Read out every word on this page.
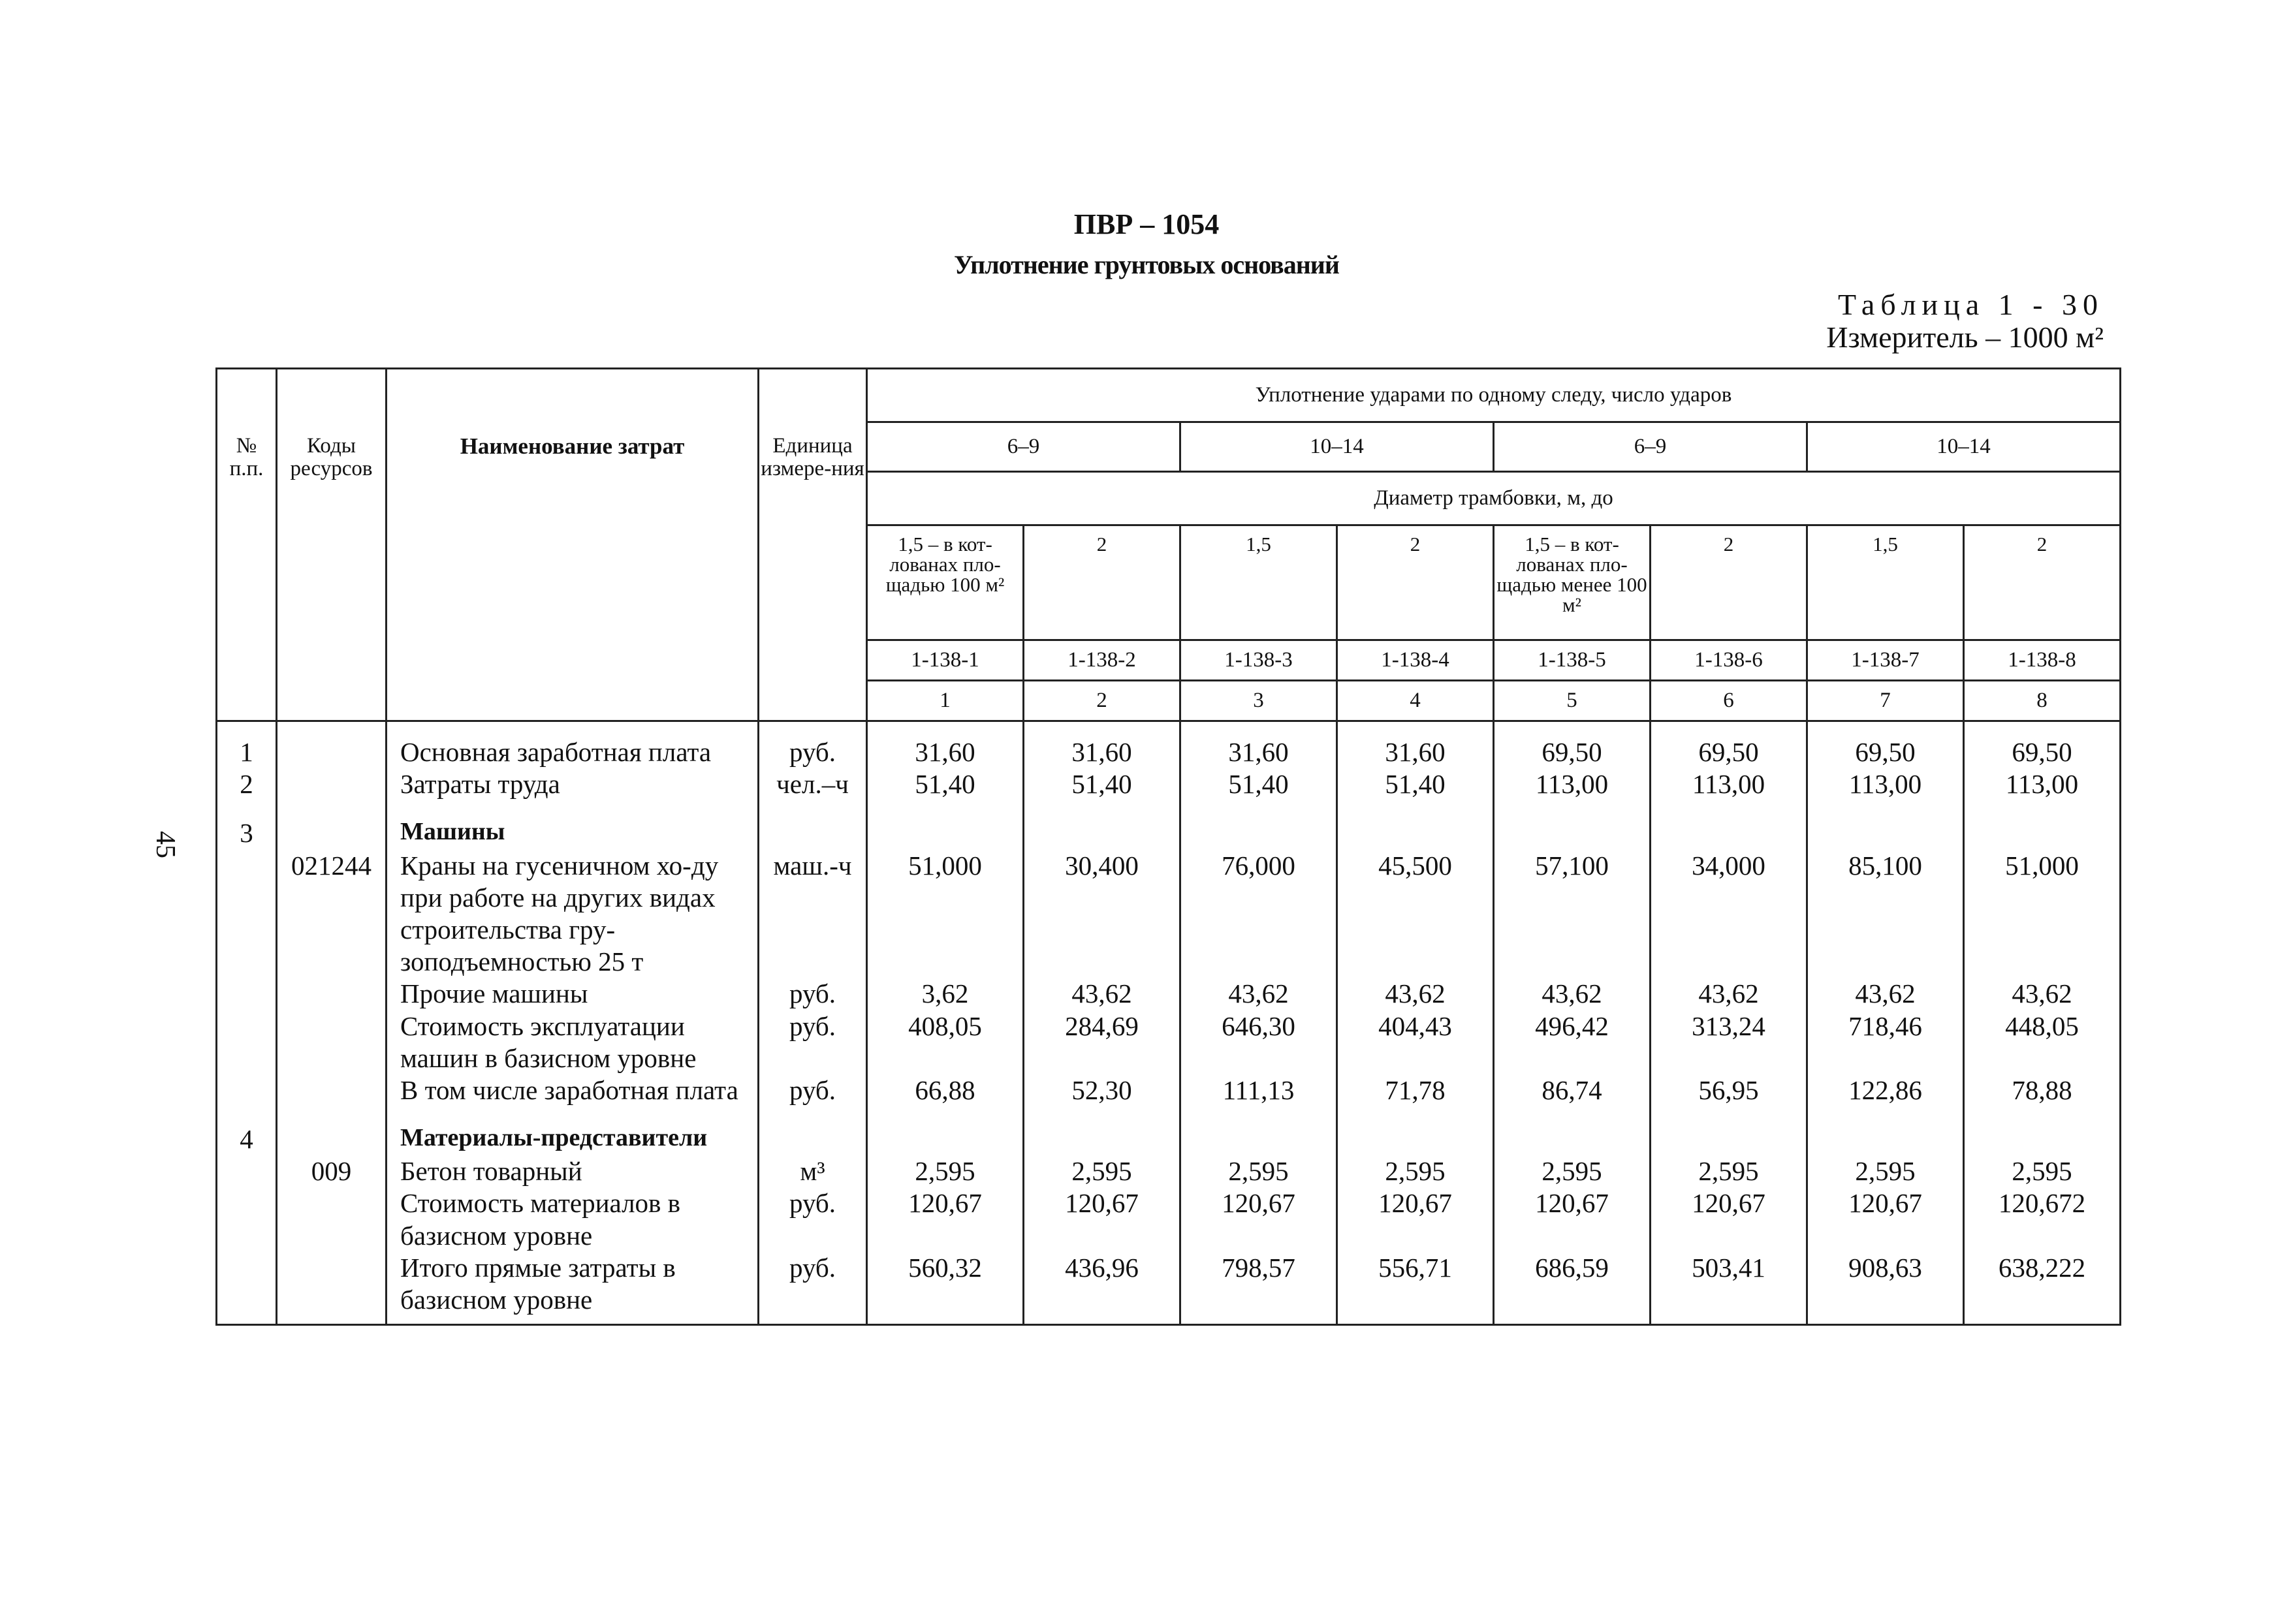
ПВР – 1054
Уплотнение грунтовых оснований
Таблица 1 - 30
Измеритель – 1000 м²
45
№ п.п.	Коды ресурсов	Наименование затрат	Единица измере-ния	Уплотнение ударами по одному следу, число ударов							
				6–9		10–14		6–9		10–14	
				Диаметр трамбовки, м, до							
				1,5 – в кот-лованах пло-щадью 100 м²	2	1,5	2	1,5 – в кот-лованах пло-щадью менее 100 м²	2	1,5	2
				1-138-1	1-138-2	1-138-3	1-138-4	1-138-5	1-138-6	1-138-7	1-138-8
				1	2	3	4	5	6	7	8
1		Основная заработная плата	руб.	31,60	31,60	31,60	31,60	69,50	69,50	69,50	69,50
2		Затраты труда	чел.–ч	51,40	51,40	51,40	51,40	113,00	113,00	113,00	113,00
3		Машины									
	021244	Краны на гусеничном хо-ду при работе на других видах строительства гру-зоподъемностью 25 т	маш.-ч	51,000	30,400	76,000	45,500	57,100	34,000	85,100	51,000
		Прочие машины	руб.	3,62	43,62	43,62	43,62	43,62	43,62	43,62	43,62
		Стоимость эксплуатации машин в базисном уровне	руб.	408,05	284,69	646,30	404,43	496,42	313,24	718,46	448,05
		В том числе заработная плата	руб.	66,88	52,30	111,13	71,78	86,74	56,95	122,86	78,88
4		Материалы-представители									
	009	Бетон товарный	м³	2,595	2,595	2,595	2,595	2,595	2,595	2,595	2,595
		Стоимость материалов в базисном уровне	руб.	120,67	120,67	120,67	120,67	120,67	120,67	120,67	120,672
		Итого прямые затраты в базисном уровне	руб.	560,32	436,96	798,57	556,71	686,59	503,41	908,63	638,222
